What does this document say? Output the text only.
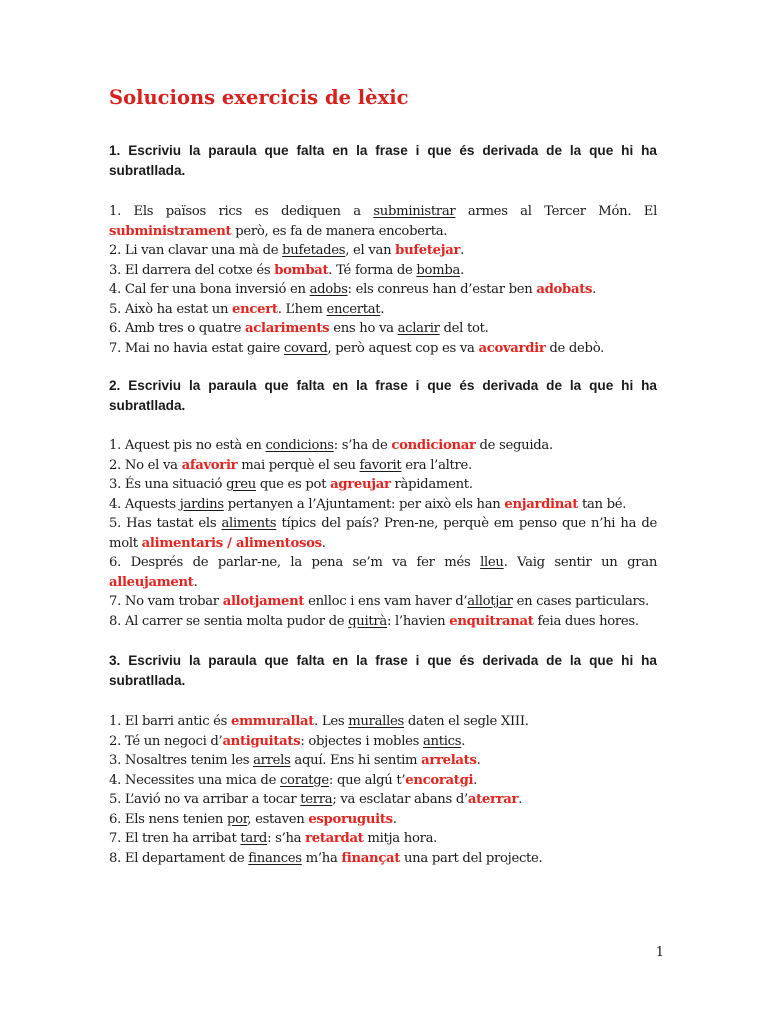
Solucions exercicis de lèxic

1. Escriviu la paraula que falta en la frase i que és derivada de la que hi ha subratllada.

1. Els països rics es dediquen a subministrar armes al Tercer Món. El subministrament però, es fa de manera encoberta.
2. Li van clavar una mà de bufetades, el van bufetejar.
3. El darrera del cotxe és bombat. Té forma de bomba.
4. Cal fer una bona inversió en adobs: els conreus han d’estar ben adobats.
5. Això ha estat un encert. L’hem encertat.
6. Amb tres o quatre aclariments ens ho va aclarir del tot.
7. Mai no havia estat gaire covard, però aquest cop es va acovardir de debò.

2. Escriviu la paraula que falta en la frase i que és derivada de la que hi ha subratllada.

1. Aquest pis no està en condicions: s’ha de condicionar de seguida.
2. No el va afavorir mai perquè el seu favorit era l’altre.
3. És una situació greu que es pot agreujar ràpidament.
4. Aquests jardins pertanyen a l’Ajuntament: per això els han enjardinat tan bé.
5. Has tastat els aliments típics del país? Pren-ne, perquè em penso que n’hi ha de molt alimentaris / alimentosos.
6. Després de parlar-ne, la pena se’m va fer més lleu. Vaig sentir un gran alleujament.
7. No vam trobar allotjament enlloc i ens vam haver d’allotjar en cases particulars.
8. Al carrer se sentia molta pudor de quitrà: l’havien enquitranat feia dues hores.

3. Escriviu la paraula que falta en la frase i que és derivada de la que hi ha subratllada.

1. El barri antic és emmurallat. Les muralles daten el segle XIII.
2. Té un negoci d’antiguitats: objectes i mobles antics.
3. Nosaltres tenim les arrels aquí. Ens hi sentim arrelats.
4. Necessites una mica de coratge: que algú t’encoratgi.
5. L’avió no va arribar a tocar terra; va esclatar abans d’aterrar.
6. Els nens tenien por, estaven esporuguits.
7. El tren ha arribat tard: s’ha retardat mitja hora.
8. El departament de finances m’ha finançat una part del projecte.
1
